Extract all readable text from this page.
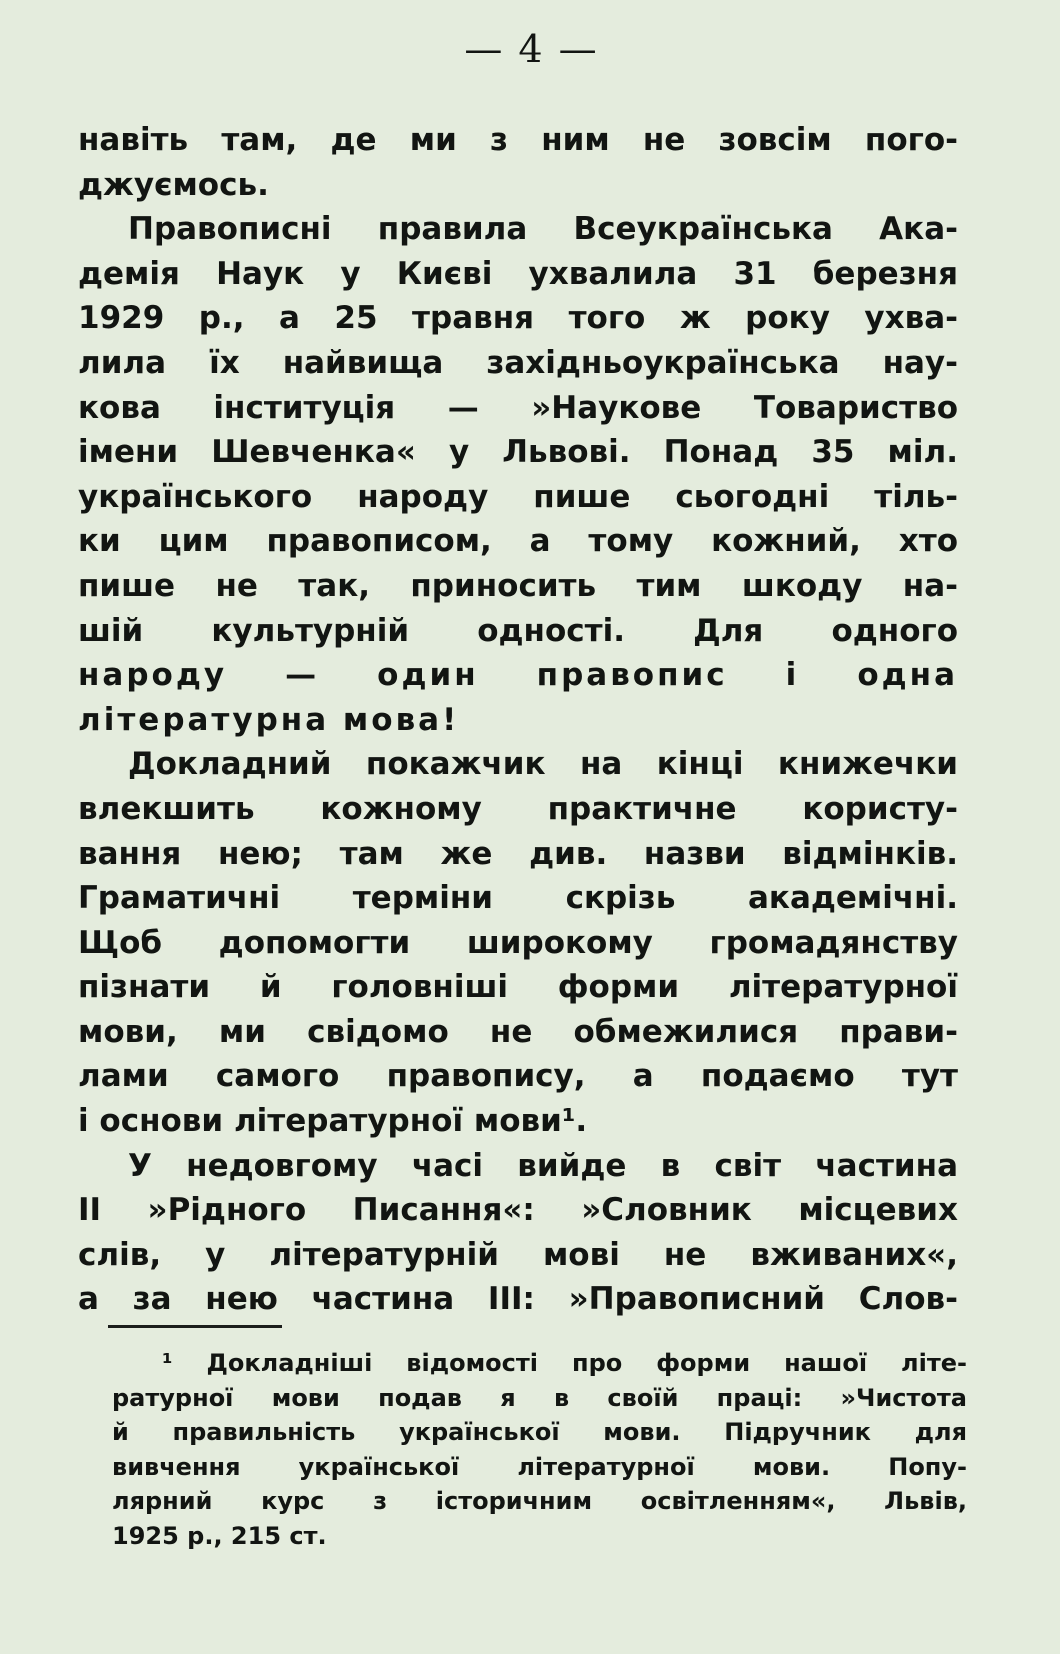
— 4 —
навіть там, де ми з ним не зовсім пого-
джуємось.
Правописні правила Всеукраїнська Ака-
демія Наук у Києві ухвалила 31 березня
1929 р., а 25 травня того ж року ухва-
лила їх найвища західньоукраїнська нау-
кова інституція — »Наукове Товариство
імени Шевченка« у Львові. Понад 35 міл.
українського народу пише сьогодні тіль-
ки цим правописом, а тому кожний, хто
пише не так, приносить тим шкоду на-
шій культурній одності. Для одного
народу — один правопис і одна
літературна мова!
Докладний покажчик на кінці книжечки
влекшить кожному практичне користу-
вання нею; там же див. назви відмінків.
Граматичні терміни скрізь академічні.
Щоб допомогти широкому громадянству
пізнати й головніші форми літературної
мови, ми свідомо не обмежилися прави-
лами самого правопису, а подаємо тут
і основи літературної мови¹.
У недовгому часі вийде в світ частина
II »Рідного Писання«: »Словник місцевих
слів, у літературній мові не вживаних«,
а за нею частина III: »Правописний Слов-
¹ Докладніші відомості про форми нашої літе-
ратурної мови подав я в своїй праці: »Чистота
й правильність української мови. Підручник для
вивчення української літературної мови. Попу-
лярний курс з історичним освітленням«, Львів,
1925 р., 215 ст.
